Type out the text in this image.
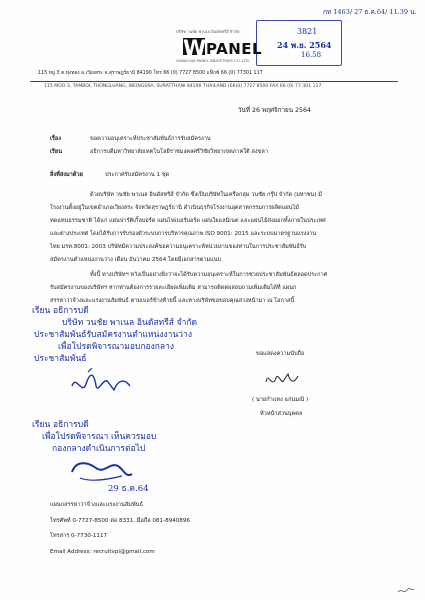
กท 1463/ 27 ธ.ค.64/ 11.39 น.
3821
24 พ.ย. 2564
16.58
บริษัท วนชัย พาเนล อินดัสทรีส์ จำกัด
W PANEL
VANACHAI PANEL INDUSTRIES CO.,LTD.
115 หมู่ 3 ต.ทุ่งทอง อ.เวียงสระ จ.สุราษฎร์ธานี 84190 โทร 66 (0) 7727 8500 แฟ็กซ์ 66 (0) 77301 117
115 MOO 3, TAMBOL THONGLUANG, WEINGSRA, SURATTHANI 84190 THAILAND (66)0) 7727 8500 FAX 66 (0) 77 301 117
วันที่ 26 พฤศจิกายน 2564
เรื่อง	ขอความอนุเคราะห์ประชาสัมพันธ์การรับสมัครงาน
เรียน	อธิการบดีมหาวิทยาลัยเทคโนโลยีราชมงคลศรีวิชัยวิทยาเขตภาคใต้ สงขลา
สิ่งที่ส่งมาด้วย	ประกาศรับสมัครงาน 1 ชุด
ด้วยบริษัท วนชัย พาเนล อินดัสทรีส์ จำกัด ซึ่งเป็นบริษัทในเครือกลุ่ม วนชัย กรุ๊ป จำกัด (มหาชน) มี
โรงงานตั้งอยู่ในเขตอำเภอเวียงสระ จังหวัดสุราษฎร์ธานี ดำเนินธุรกิจโรงงานอุตสาหกรรมการผลิตแผ่นไม้
ทดแทนธรรมชาติ ได้แก่ แผ่นปาร์ติเกิ้ลบอร์ด แผ่นไฟเบอร์บอร์ด แผ่นใยแลมิเนต และแผ่นไม้ส่งออกทั้งภายในประเทศ
และต่างประเทศ โดยได้รับการรับรองตัวระบบการบริหารคุณภาพ ISO 9001: 2015 และระบบมาตรฐานแรงงาน
ไทย มรท.8001: 2003 บริษัทมีความประสงค์ขอความอนุเคราะห์หน่วยงานของท่านในการประชาสัมพันธ์รับ
สมัครงานตำแหน่งงานว่าง เดือน ธันวาคม 2564 โดยมีเอกสารตามแนบ
ทั้งนี้ ทางบริษัทฯ หวังเป็นอย่างยิ่งว่าจะได้รับความอนุเคราะห์ในการช่วยประชาสัมพันธ์ตลอดประกาศ
รับสมัครงานของบริษัทฯ หากท่านต้องการรายละเอียดเพิ่มเติม สามารถติดต่อสอบถามเพิ่มเติมได้ที่ แผนก
สรรหาว่าจ้างและแรงงานสัมพันธ์ ตามเบอร์ข้างท้ายนี้ และทางบริษัทขอขอบคุณล่วงหน้ามา ณ โอกาสนี้
เรียน อธิการบดี
บริษัท วนชัย พาเนล อินดัสทรีส์ จำกัด
ประชาสัมพันธ์รับสมัครงานตำแหน่งงานว่าง
เพื่อโปรดพิจารณามอบกองกลาง
ประชาสัมพันธ์	ขอแสดงความนับถือ
( นายกำแหง แก่นมณี )
หัวหน้าส่วนบุคคล
เรียน อธิการบดี
เพื่อโปรดพิจารณา เห็นควรมอบ
กองกลางดำเนินการต่อไป
29 ธ.ค.64
แผนกสรรหาว่าจ้างและแรงงานสัมพันธ์
โทรศัพท์ 0-7727-8500 ต่อ 8331, มือถือ 081-8940896
โทรสาร 0-7730-1117
Email Address: recruitvpi@gmail.com
